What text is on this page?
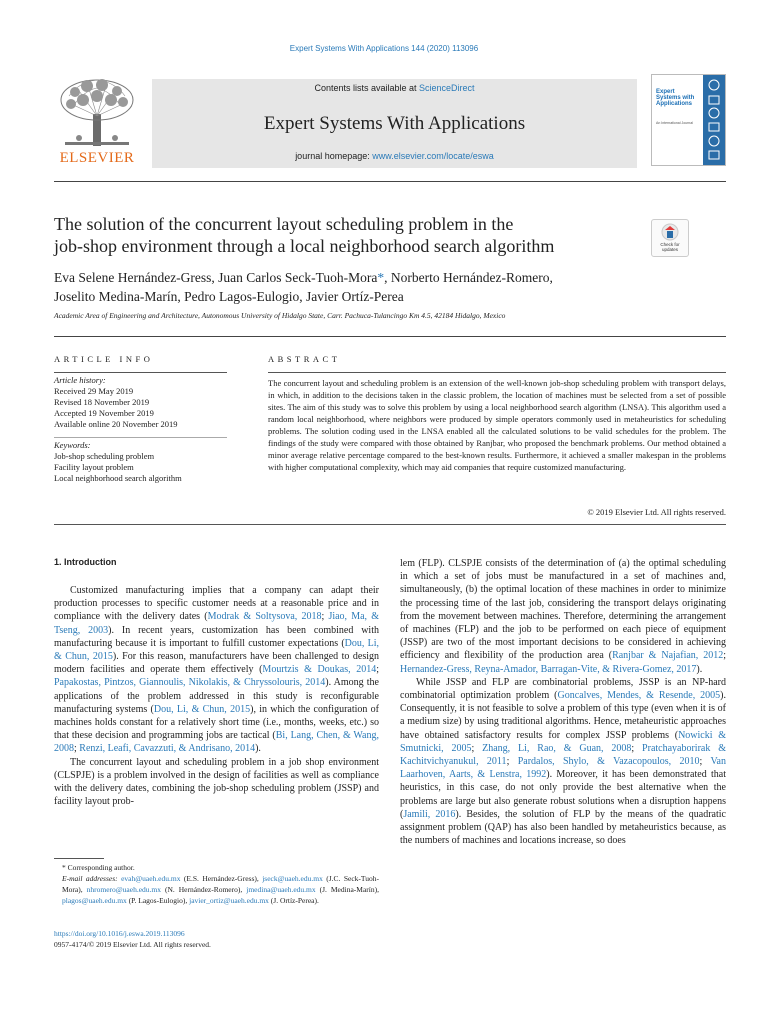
Expert Systems With Applications 144 (2020) 113096
ELSEVIER
Contents lists available at ScienceDirect
Expert Systems With Applications
journal homepage: www.elsevier.com/locate/eswa
Expert Systems with Applications
An International Journal
The solution of the concurrent layout scheduling problem in the
job-shop environment through a local neighborhood search algorithm	Check for updates
Eva Selene Hernández-Gress, Juan Carlos Seck-Tuoh-Mora*, Norberto Hernández-Romero,
Joselito Medina-Marín, Pedro Lagos-Eulogio, Javier Ortíz-Perea
Academic Area of Engineering and Architecture, Autonomous University of Hidalgo State, Carr. Pachuca-Tulancingo Km 4.5, 42184 Hidalgo, Mexico
ARTICLE INFO
Article history:
Received 29 May 2019
Revised 18 November 2019
Accepted 19 November 2019
Available online 20 November 2019
Keywords:
Job-shop scheduling problem
Facility layout problem
Local neighborhood search algorithm
ABSTRACT
The concurrent layout and scheduling problem is an extension of the well-known job-shop scheduling problem with transport delays, in which, in addition to the decisions taken in the classic problem, the location of machines must be selected from a set of possible sites. The aim of this study was to solve this problem by using a local neighborhood search algorithm (LNSA). This algorithm used a random local neighborhood, where neighbors were produced by simple operators commonly used in metaheuristics for scheduling problems. The solution coding used in the LNSA enabled all the calculated solutions to be valid schedules for the problem. The findings of the study were compared with those obtained by Ranjbar, who proposed the benchmark problems. Our method obtained a minor average relative percentage compared to the best-known results. Furthermore, it achieved a smaller makespan in the problems with higher computational complexity, which may aid companies that require customized manufacturing.
© 2019 Elsevier Ltd. All rights reserved.
1. Introduction

Customized manufacturing implies that a company can adapt their production processes to specific customer needs at a reasonable price and in compliance with the delivery dates (Modrak & Soltysova, 2018; Jiao, Ma, & Tseng, 2003). In recent years, customization has been combined with manufacturing because it is important to fulfill customer expectations (Dou, Li, & Chun, 2015). For this reason, manufacturers have been challenged to design modern facilities and operate them effectively (Mourtzis & Doukas, 2014; Papakostas, Pintzos, Giannoulis, Nikolakis, & Chryssolouris, 2014). Among the applications of the problem addressed in this study is reconfigurable manufacturing systems (Dou, Li, & Chun, 2015), in which the configuration of machines holds constant for a relatively short time (i.e., months, weeks, etc.) so that these decision and programming jobs are tactical (Bi, Lang, Chen, & Wang, 2008; Renzi, Leafi, Cavazzuti, & Andrisano, 2014).

The concurrent layout and scheduling problem in a job shop environment (CLSPJE) is a problem involved in the design of facilities as well as compliance with the delivery dates, combining the job-shop scheduling problem (JSSP) and facility layout prob-

lem (FLP). CLSPJE consists of the determination of (a) the optimal scheduling in which a set of jobs must be manufactured in a set of machines and, simultaneously, (b) the optimal location of these machines in order to minimize the processing time of the last job, considering the transport delays originating from the movement between machines. Therefore, determining the arrangement of machines (FLP) and the job to be performed on each piece of equipment (JSSP) are two of the most important decisions to be considered in achieving efficiency and flexibility of the production area (Ranjbar & Najafian, 2012; Hernandez-Gress, Reyna-Amador, Barragan-Vite, & Rivera-Gomez, 2017).

While JSSP and FLP are combinatorial problems, JSSP is an NP-hard combinatorial optimization problem (Goncalves, Mendes, & Resende, 2005). Consequently, it is not feasible to solve a problem of this type (even when it is of a medium size) by using traditional algorithms. Hence, metaheuristic approaches have obtained satisfactory results for complex JSSP problems (Nowicki & Smutnicki, 2005; Zhang, Li, Rao, & Guan, 2008; Pratchayaborirak & Kachitvichyanukul, 2011; Pardalos, Shylo, & Vazacopoulos, 2010; Van Laarhoven, Aarts, & Lenstra, 1992). Moreover, it has been demonstrated that heuristics, in this case, do not only provide the best alternative when the problems are large but also generate robust solutions when a disruption happens (Jamili, 2016). Besides, the solution of FLP by the means of the quadratic assignment problem (QAP) has also been handled by metaheuristics because, as the numbers of machines and locations increase, so does

* Corresponding author.
E-mail addresses: evah@uaeh.edu.mx (E.S. Hernández-Gress), jseck@uaeh.edu.mx (J.C. Seck-Tuoh-Mora), nhromero@uaeh.edu.mx (N. Hernández-Romero), jmedina@uaeh.edu.mx (J. Medina-Marín), plagos@uaeh.edu.mx (P. Lagos-Eulogio), javier_ortiz@uaeh.edu.mx (J. Ortíz-Perea).
https://doi.org/10.1016/j.eswa.2019.113096
0957-4174/© 2019 Elsevier Ltd. All rights reserved.
